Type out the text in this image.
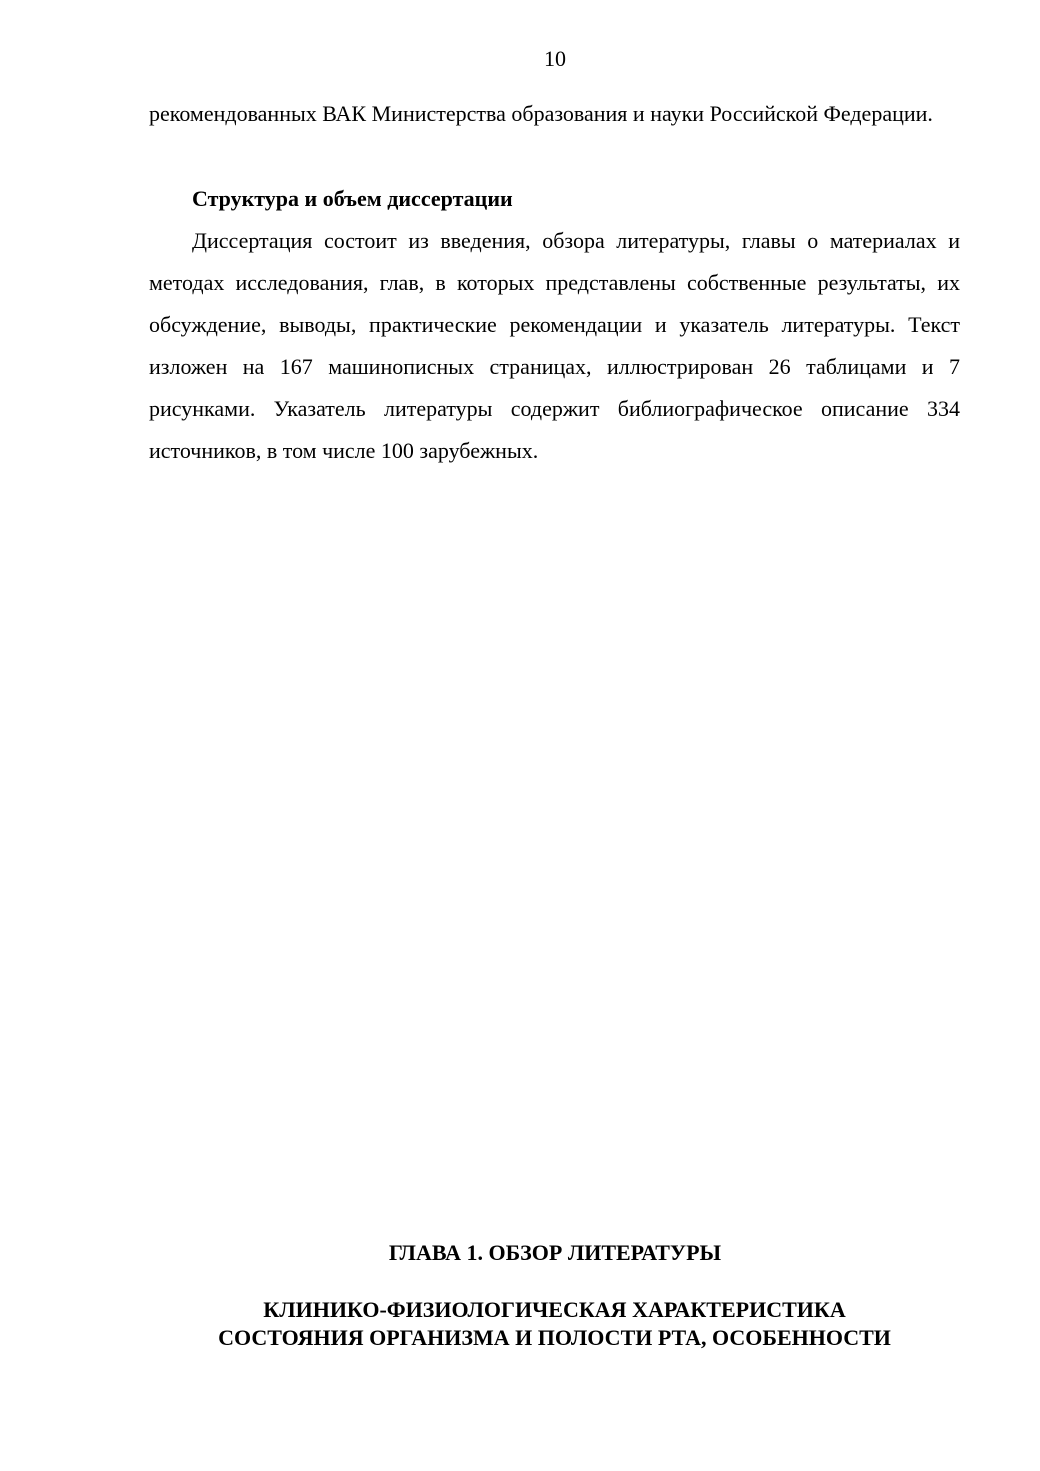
10

рекомендованных ВАК Министерства образования и науки Российской Федерации.

Структура и объем диссертации

Диссертация состоит из введения, обзора литературы, главы о материалах и методах исследования, глав, в которых представлены собственные результаты, их обсуждение, выводы, практические рекомендации и указатель литературы. Текст изложен на 167 машинописных страницах, иллюстрирован 26 таблицами и 7 рисунками. Указатель литературы содержит библиографическое описание 334 источников, в том числе 100 зарубежных.

ГЛАВА 1. ОБЗОР ЛИТЕРАТУРЫ
КЛИНИКО-ФИЗИОЛОГИЧЕСКАЯ ХАРАКТЕРИСТИКА
СОСТОЯНИЯ ОРГАНИЗМА И ПОЛОСТИ РТА, ОСОБЕННОСТИ
